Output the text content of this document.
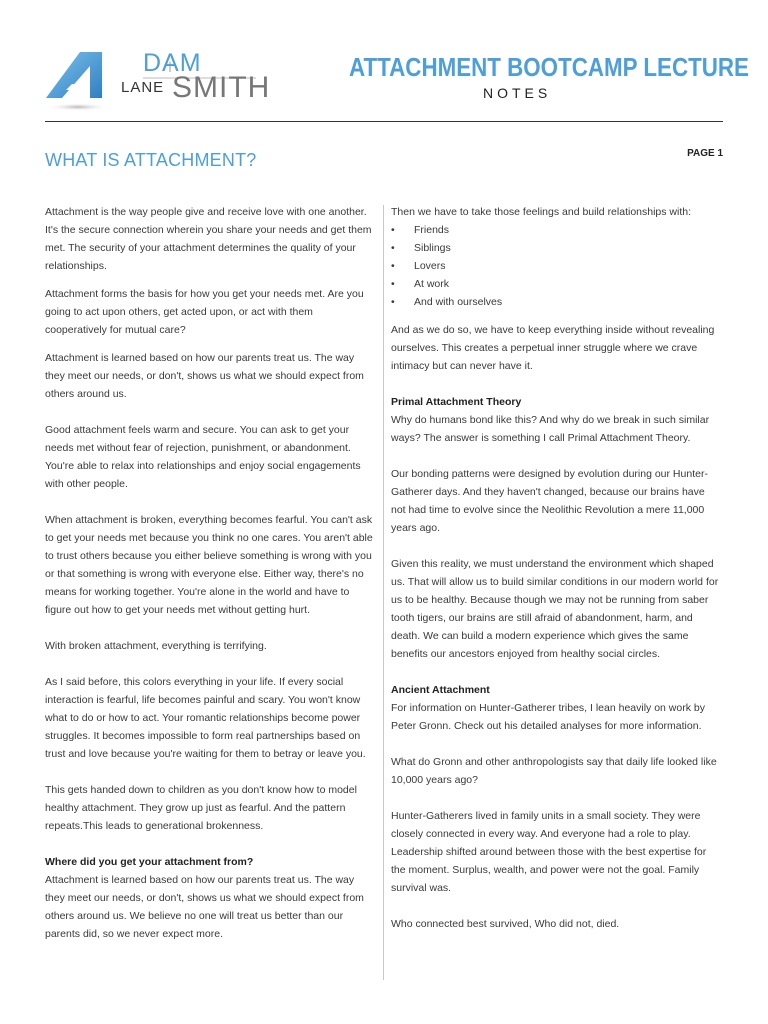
DAM
LANE SMITH
ATTACHMENT BOOTCAMP LECTURE
NOTES
WHAT IS ATTACHMENT?	PAGE 1

Attachment is the way people give and receive love with one another. It's the secure connection wherein you share your needs and get them met. The security of your attachment determines the quality of your relationships.

Attachment forms the basis for how you get your needs met. Are you going to act upon others, get acted upon, or act with them cooperatively for mutual care?

Attachment is learned based on how our parents treat us. The way they meet our needs, or don't, shows us what we should expect from others around us.

Good attachment feels warm and secure. You can ask to get your needs met without fear of rejection, punishment, or abandonment. You're able to relax into relationships and enjoy social engagements with other people.

When attachment is broken, everything becomes fearful. You can't ask to get your needs met because you think no one cares. You aren't able to trust others because you either believe something is wrong with you or that something is wrong with everyone else. Either way, there's no means for working together. You're alone in the world and have to figure out how to get your needs met without getting hurt.

With broken attachment, everything is terrifying.

As I said before, this colors everything in your life. If every social interaction is fearful, life becomes painful and scary. You won't know what to do or how to act. Your romantic relationships become power struggles. It becomes impossible to form real partnerships based on trust and love because you're waiting for them to betray or leave you.

This gets handed down to children as you don't know how to model healthy attachment. They grow up just as fearful. And the pattern repeats.This leads to generational brokenness.

Where did you get your attachment from?

Attachment is learned based on how our parents treat us. The way they meet our needs, or don't, shows us what we should expect from others around us. We believe no one will treat us better than our parents did, so we never expect more.

Then we have to take those feelings and build relationships with:

• Friends
• Siblings
• Lovers
• At work
• And with ourselves

And as we do so, we have to keep everything inside without revealing ourselves. This creates a perpetual inner struggle where we crave intimacy but can never have it.

Primal Attachment Theory

Why do humans bond like this? And why do we break in such similar ways? The answer is something I call Primal Attachment Theory.

Our bonding patterns were designed by evolution during our Hunter-Gatherer days. And they haven't changed, because our brains have not had time to evolve since the Neolithic Revolution a mere 11,000 years ago.

Given this reality, we must understand the environment which shaped us. That will allow us to build similar conditions in our modern world for us to be healthy. Because though we may not be running from saber tooth tigers, our brains are still afraid of abandonment, harm, and death. We can build a modern experience which gives the same benefits our ancestors enjoyed from healthy social circles.

Ancient Attachment

For information on Hunter-Gatherer tribes, I lean heavily on work by Peter Gronn. Check out his detailed analyses for more information.

What do Gronn and other anthropologists say that daily life looked like 10,000 years ago?

Hunter-Gatherers lived in family units in a small society. They were closely connected in every way. And everyone had a role to play. Leadership shifted around between those with the best expertise for the moment. Surplus, wealth, and power were not the goal. Family survival was.

Who connected best survived, Who did not, died.
